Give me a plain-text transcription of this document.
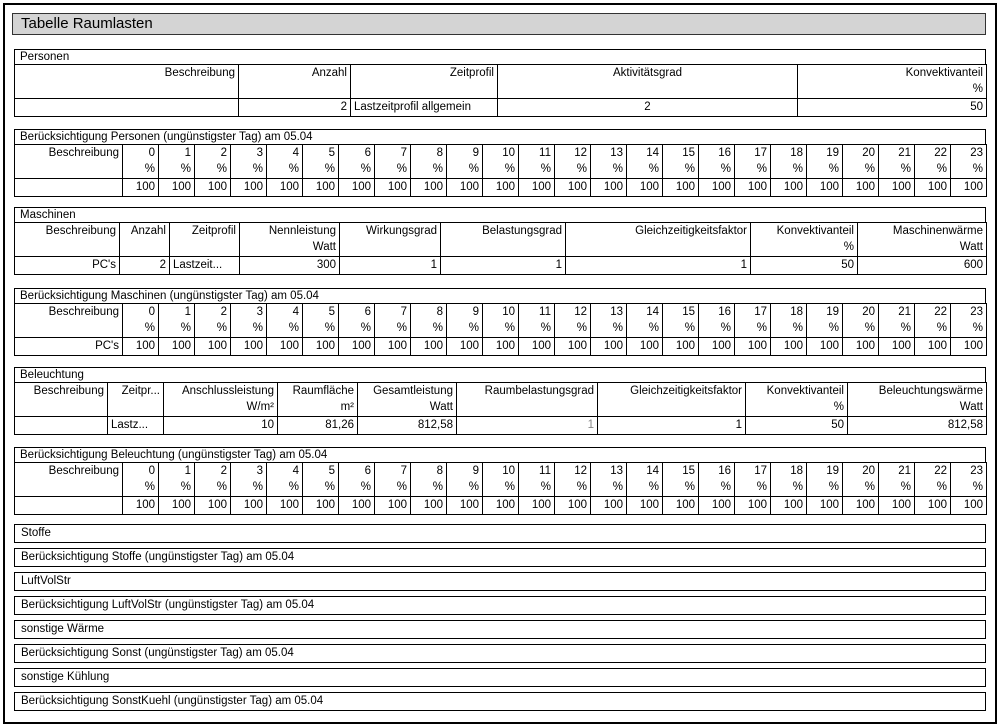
Tabelle Raumlasten
Personen
Beschreibung	Anzahl	Zeitprofil	Aktivitätsgrad	Konvektivanteil
				%
	2	Lastzeitprofil allgemein	2	50
Berücksichtigung Personen (ungünstigster Tag) am 05.04
Beschreibung	0	1	2	3	4	5	6	7	8	9	10	11	12	13	14	15	16	17	18	19	20	21	22	23
	%	%	%	%	%	%	%	%	%	%	%	%	%	%	%	%	%	%	%	%	%	%	%	%
	100	100	100	100	100	100	100	100	100	100	100	100	100	100	100	100	100	100	100	100	100	100	100	100
Maschinen
Beschreibung	Anzahl	Zeitprofil	Nennleistung	Wirkungsgrad	Belastungsgrad	Gleichzeitigkeitsfaktor	Konvektivanteil	Maschinenwärme
			Watt				%	Watt
PC's	2	Lastzeit...	300	1	1	1	50	600
Berücksichtigung Maschinen (ungünstigster Tag) am 05.04
Beschreibung	0	1	2	3	4	5	6	7	8	9	10	11	12	13	14	15	16	17	18	19	20	21	22	23
	%	%	%	%	%	%	%	%	%	%	%	%	%	%	%	%	%	%	%	%	%	%	%	%
PC's	100	100	100	100	100	100	100	100	100	100	100	100	100	100	100	100	100	100	100	100	100	100	100	100
Beleuchtung
Beschreibung	Zeitpr...	Anschlussleistung	Raumfläche	Gesamtleistung	Raumbelastungsgrad	Gleichzeitigkeitsfaktor	Konvektivanteil	Beleuchtungswärme
		W/m²	m²	Watt			%	Watt
	Lastz...	10	81,26	812,58	1	1	50	812,58
Berücksichtigung Beleuchtung (ungünstigster Tag) am 05.04
Beschreibung	0	1	2	3	4	5	6	7	8	9	10	11	12	13	14	15	16	17	18	19	20	21	22	23
	%	%	%	%	%	%	%	%	%	%	%	%	%	%	%	%	%	%	%	%	%	%	%	%
	100	100	100	100	100	100	100	100	100	100	100	100	100	100	100	100	100	100	100	100	100	100	100	100
Stoffe
Berücksichtigung Stoffe (ungünstigster Tag) am 05.04
LuftVolStr
Berücksichtigung LuftVolStr (ungünstigster Tag) am 05.04
sonstige Wärme
Berücksichtigung Sonst (ungünstigster Tag) am 05.04
sonstige Kühlung
Berücksichtigung SonstKuehl (ungünstigster Tag) am 05.04
